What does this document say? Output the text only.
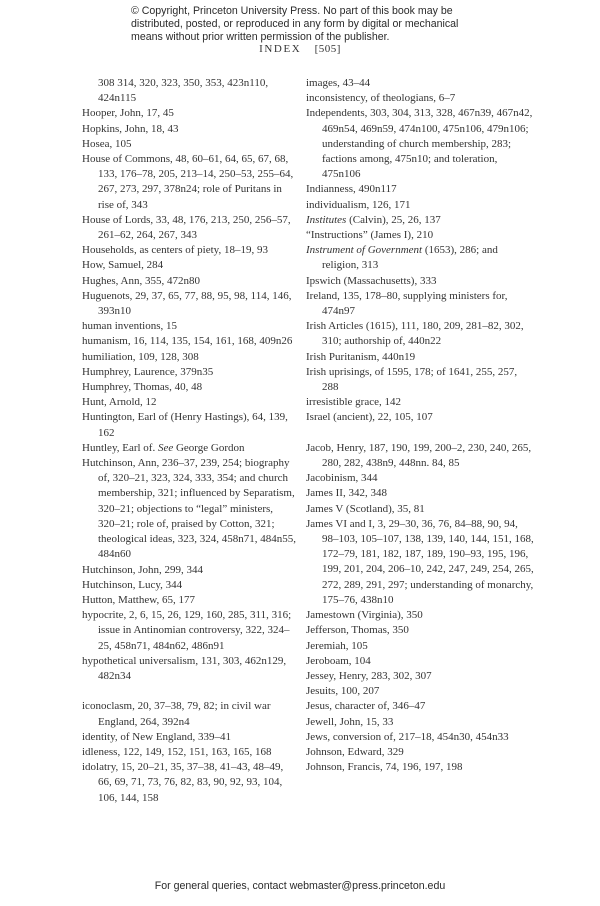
© Copyright, Princeton University Press. No part of this book may be distributed, posted, or reproduced in any form by digital or mechanical means without prior written permission of the publisher.
INDEX [505]
308 314, 320, 323, 350, 353, 423n110, 424n115
Hooper, John, 17, 45
Hopkins, John, 18, 43
Hosea, 105
House of Commons, 48, 60–61, 64, 65, 67, 68, 133, 176–78, 205, 213–14, 250–53, 255–64, 267, 273, 297, 378n24; role of Puritans in rise of, 343
House of Lords, 33, 48, 176, 213, 250, 256–57, 261–62, 264, 267, 343
Households, as centers of piety, 18–19, 93
How, Samuel, 284
Hughes, Ann, 355, 472n80
Huguenots, 29, 37, 65, 77, 88, 95, 98, 114, 146, 393n10
human inventions, 15
humanism, 16, 114, 135, 154, 161, 168, 409n26
humiliation, 109, 128, 308
Humphrey, Laurence, 379n35
Humphrey, Thomas, 40, 48
Hunt, Arnold, 12
Huntington, Earl of (Henry Hastings), 64, 139, 162
Huntley, Earl of. See George Gordon
Hutchinson, Ann, 236–37, 239, 254; biography of, 320–21, 323, 324, 333, 354; and church membership, 321; influenced by Separatism, 320–21; objections to “legal” ministers, 320–21; role of, praised by Cotton, 321; theological ideas, 323, 324, 458n71, 484n55, 484n60
Hutchinson, John, 299, 344
Hutchinson, Lucy, 344
Hutton, Matthew, 65, 177
hypocrite, 2, 6, 15, 26, 129, 160, 285, 311, 316; issue in Antinomian controversy, 322, 324–25, 458n71, 484n62, 486n91
hypothetical universalism, 131, 303, 462n129, 482n34
iconoclasm, 20, 37–38, 79, 82; in civil war England, 264, 392n4
identity, of New England, 339–41
idleness, 122, 149, 152, 151, 163, 165, 168
idolatry, 15, 20–21, 35, 37–38, 41–43, 48–49, 66, 69, 71, 73, 76, 82, 83, 90, 92, 93, 104, 106, 144, 158
images, 43–44
inconsistency, of theologians, 6–7
Independents, 303, 304, 313, 328, 467n39, 467n42, 469n54, 469n59, 474n100, 475n106, 479n106; understanding of church membership, 283; factions among, 475n10; and toleration, 475n106
Indianness, 490n117
individualism, 126, 171
Institutes (Calvin), 25, 26, 137
“Instructions” (James I), 210
Instrument of Government (1653), 286; and religion, 313
Ipswich (Massachusetts), 333
Ireland, 135, 178–80, supplying ministers for, 474n97
Irish Articles (1615), 111, 180, 209, 281–82, 302, 310; authorship of, 440n22
Irish Puritanism, 440n19
Irish uprisings, of 1595, 178; of 1641, 255, 257, 288
irresistible grace, 142
Israel (ancient), 22, 105, 107
Jacob, Henry, 187, 190, 199, 200–2, 230, 240, 265, 280, 282, 438n9, 448nn. 84, 85
Jacobinism, 344
James II, 342, 348
James V (Scotland), 35, 81
James VI and I, 3, 29–30, 36, 76, 84–88, 90, 94, 98–103, 105–107, 138, 139, 140, 144, 151, 168, 172–79, 181, 182, 187, 189, 190–93, 195, 196, 199, 201, 204, 206–10, 242, 247, 249, 254, 265, 272, 289, 291, 297; understanding of monarchy, 175–76, 438n10
Jamestown (Virginia), 350
Jefferson, Thomas, 350
Jeremiah, 105
Jeroboam, 104
Jessey, Henry, 283, 302, 307
Jesuits, 100, 207
Jesus, character of, 346–47
Jewell, John, 15, 33
Jews, conversion of, 217–18, 454n30, 454n33
Johnson, Edward, 329
Johnson, Francis, 74, 196, 197, 198
For general queries, contact webmaster@press.princeton.edu
